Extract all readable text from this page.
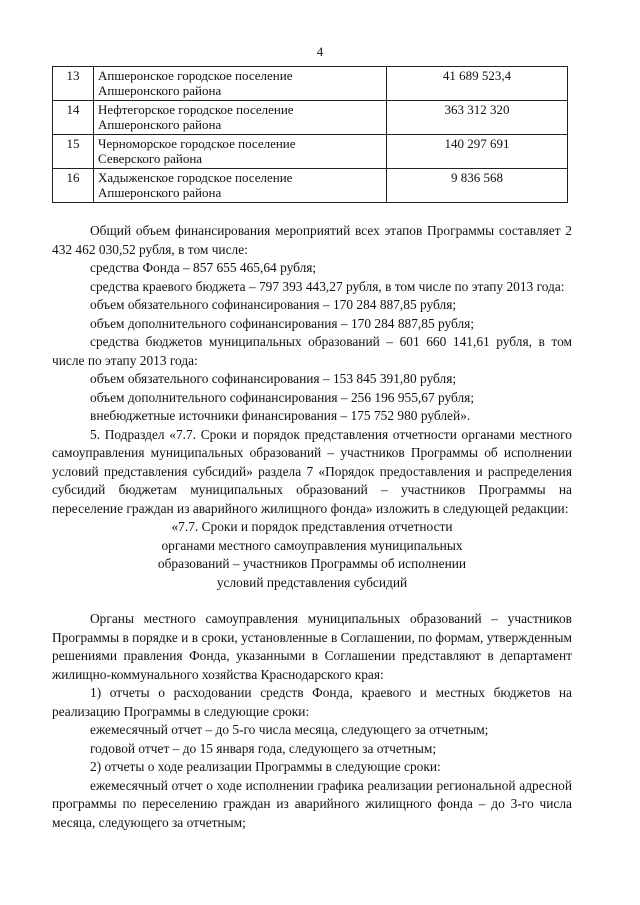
4
13	Апшеронское городское поселение
Апшеронского района	41 689 523,4
14	Нефтегорское городское поселение
Апшеронского района	363 312 320
15	Черноморское городское поселение
Северского района	140 297 691
16	Хадыженское городское поселение
Апшеронского района	9 836 568

Общий объем финансирования мероприятий всех этапов Программы составляет 2 432 462 030,52 рубля, в том числе:

средства Фонда – 857 655 465,64 рубля;

средства краевого бюджета – 797 393 443,27 рубля, в том числе по этапу 2013 года:

объем обязательного софинансирования – 170 284 887,85 рубля;

объем дополнительного софинансирования – 170 284 887,85 рубля;

средства бюджетов муниципальных образований – 601 660 141,61 рубля, в том числе по этапу 2013 года:

объем обязательного софинансирования – 153 845 391,80 рубля;

объем дополнительного софинансирования – 256 196 955,67 рубля;

внебюджетные источники финансирования – 175 752 980 рублей».

5. Подраздел «7.7. Сроки и порядок представления отчетности органами местного самоуправления муниципальных образований – участников Программы об исполнении условий представления субсидий» раздела 7 «Порядок предоставления и распределения субсидий бюджетам муниципальных образований – участников Программы на переселение граждан из аварийного жилищного фонда» изложить в следующей редакции:

«7.7. Сроки и порядок представления отчетности

органами местного самоуправления муниципальных

образований – участников Программы об исполнении

условий представления субсидий

Органы местного самоуправления муниципальных образований – участников Программы в порядке и в сроки, установленные в Соглашении, по формам, утвержденным решениями правления Фонда, указанными в Соглашении представляют в департамент жилищно-коммунального хозяйства Краснодарского края:

1) отчеты о расходовании средств Фонда, краевого и местных бюджетов на реализацию Программы в следующие сроки:

ежемесячный отчет – до 5-го числа месяца, следующего за отчетным;

годовой отчет – до 15 января года, следующего за отчетным;

2) отчеты о ходе реализации Программы в следующие сроки:

ежемесячный отчет о ходе исполнении графика реализации региональной адресной программы по переселению граждан из аварийного жилищного фонда – до 3-го числа месяца, следующего за отчетным;
